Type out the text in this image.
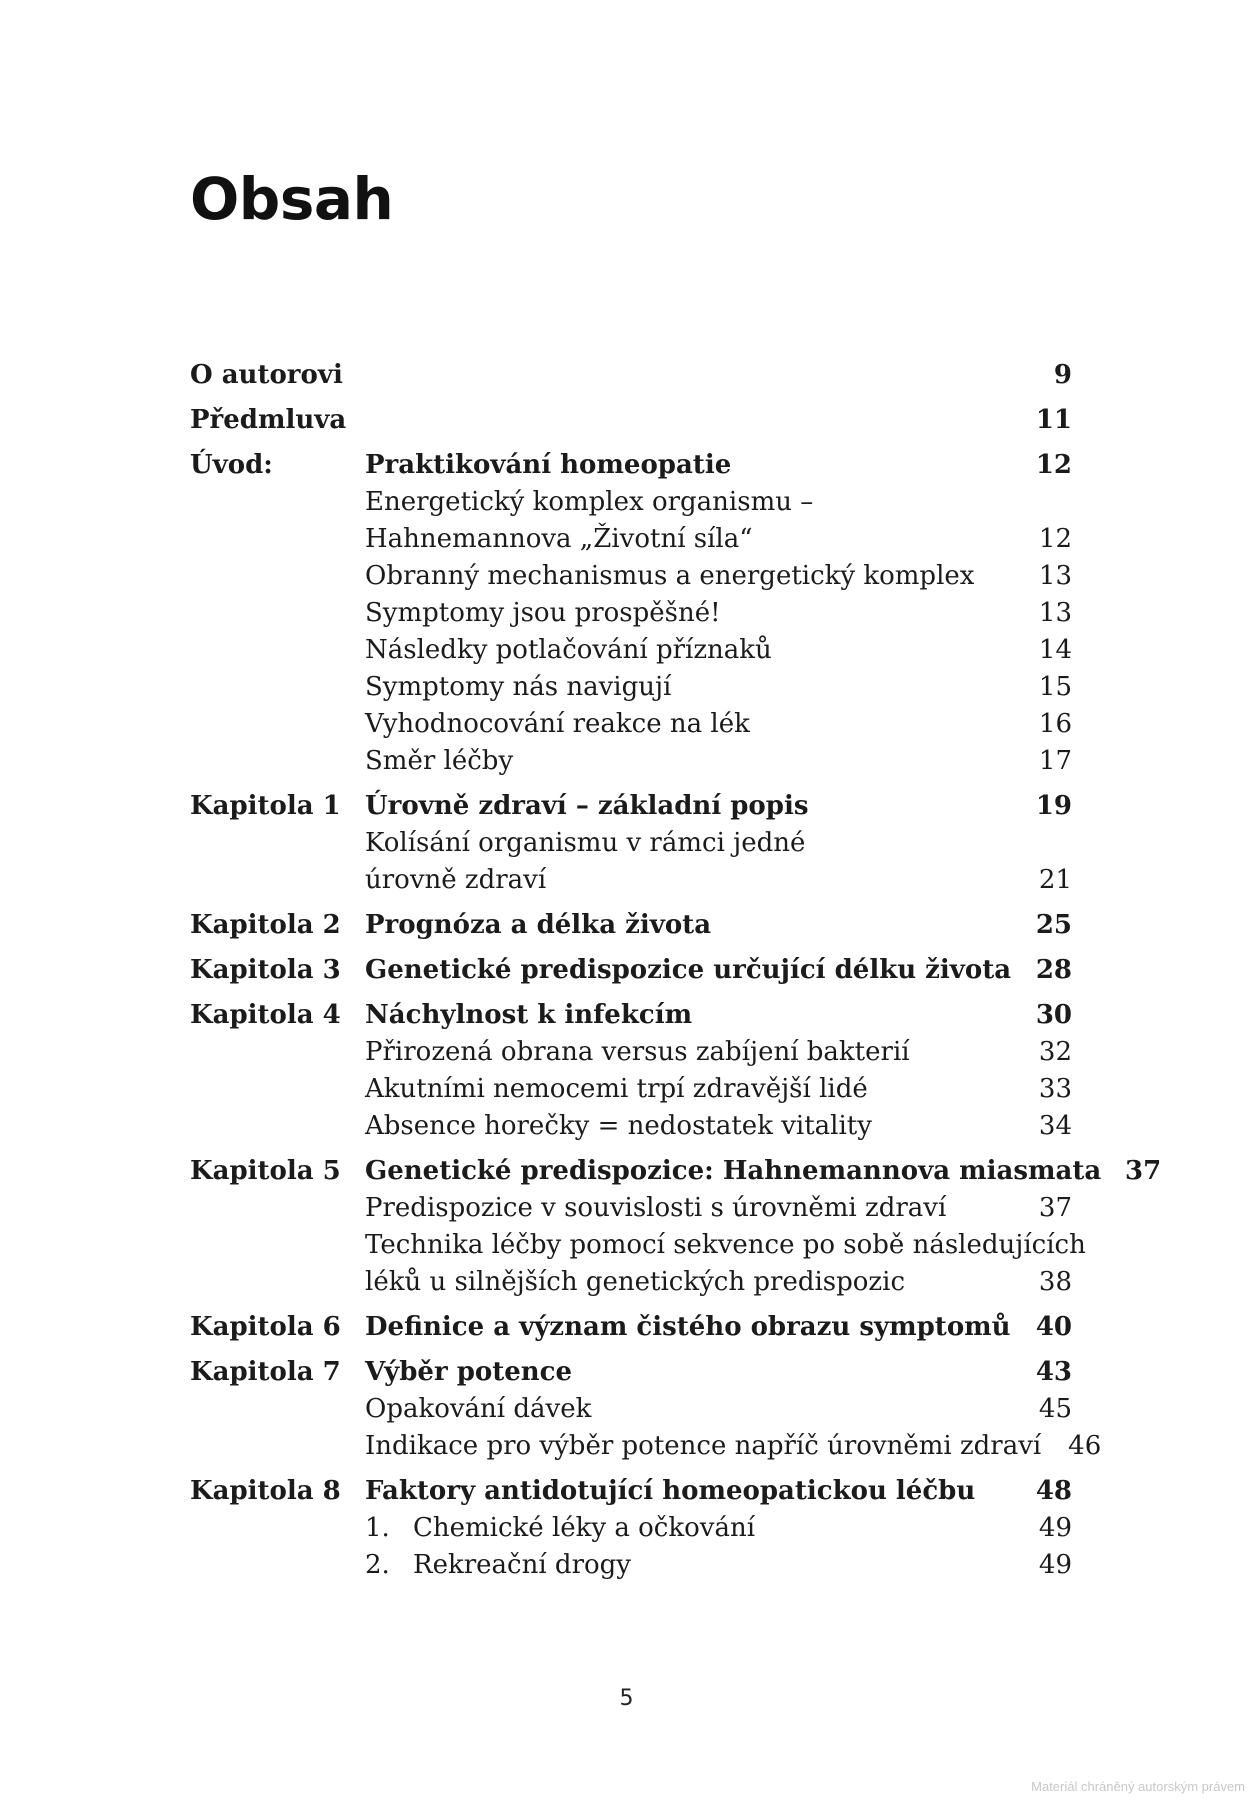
Obsah
O autorovi	9
Předmluva	11
Úvod:	Praktikování homeopatie	12
Energetický komplex organismu –
Hahnemannova „Životní síla“	12
Obranný mechanismus a energetický komplex	13
Symptomy jsou prospěšné!	13
Následky potlačování příznaků	14
Symptomy nás navigují	15
Vyhodnocování reakce na lék	16
Směr léčby	17
Kapitola 1 Úrovně zdraví – základní popis	19
Kolísání organismu v rámci jedné
úrovně zdraví	21
Kapitola 2 Prognóza a délka života	25
Kapitola 3 Genetické predispozice určující délku života 28
Kapitola 4 Náchylnost k infekcím	30
Přirozená obrana versus zabíjení bakterií	32
Akutními nemocemi trpí zdravější lidé	33
Absence horečky = nedostatek vitality	34
Kapitola 5 Genetické predispozice: Hahnemannova miasmata 37
Predispozice v souvislosti s úrovněmi zdraví	37
Technika léčby pomocí sekvence po sobě následujících
léků u silnějších genetických predispozic	38
Kapitola 6 Definice a význam čistého obrazu symptomů 40
Kapitola 7 Výběr potence	43
Opakování dávek	45
Indikace pro výběr potence napříč úrovněmi zdraví	46
Kapitola 8 Faktory antidotující homeopatickou léčbu	48
1. Chemické léky a očkování	49
2. Rekreační drogy	49
5
Materiál chráněný autorským právem
